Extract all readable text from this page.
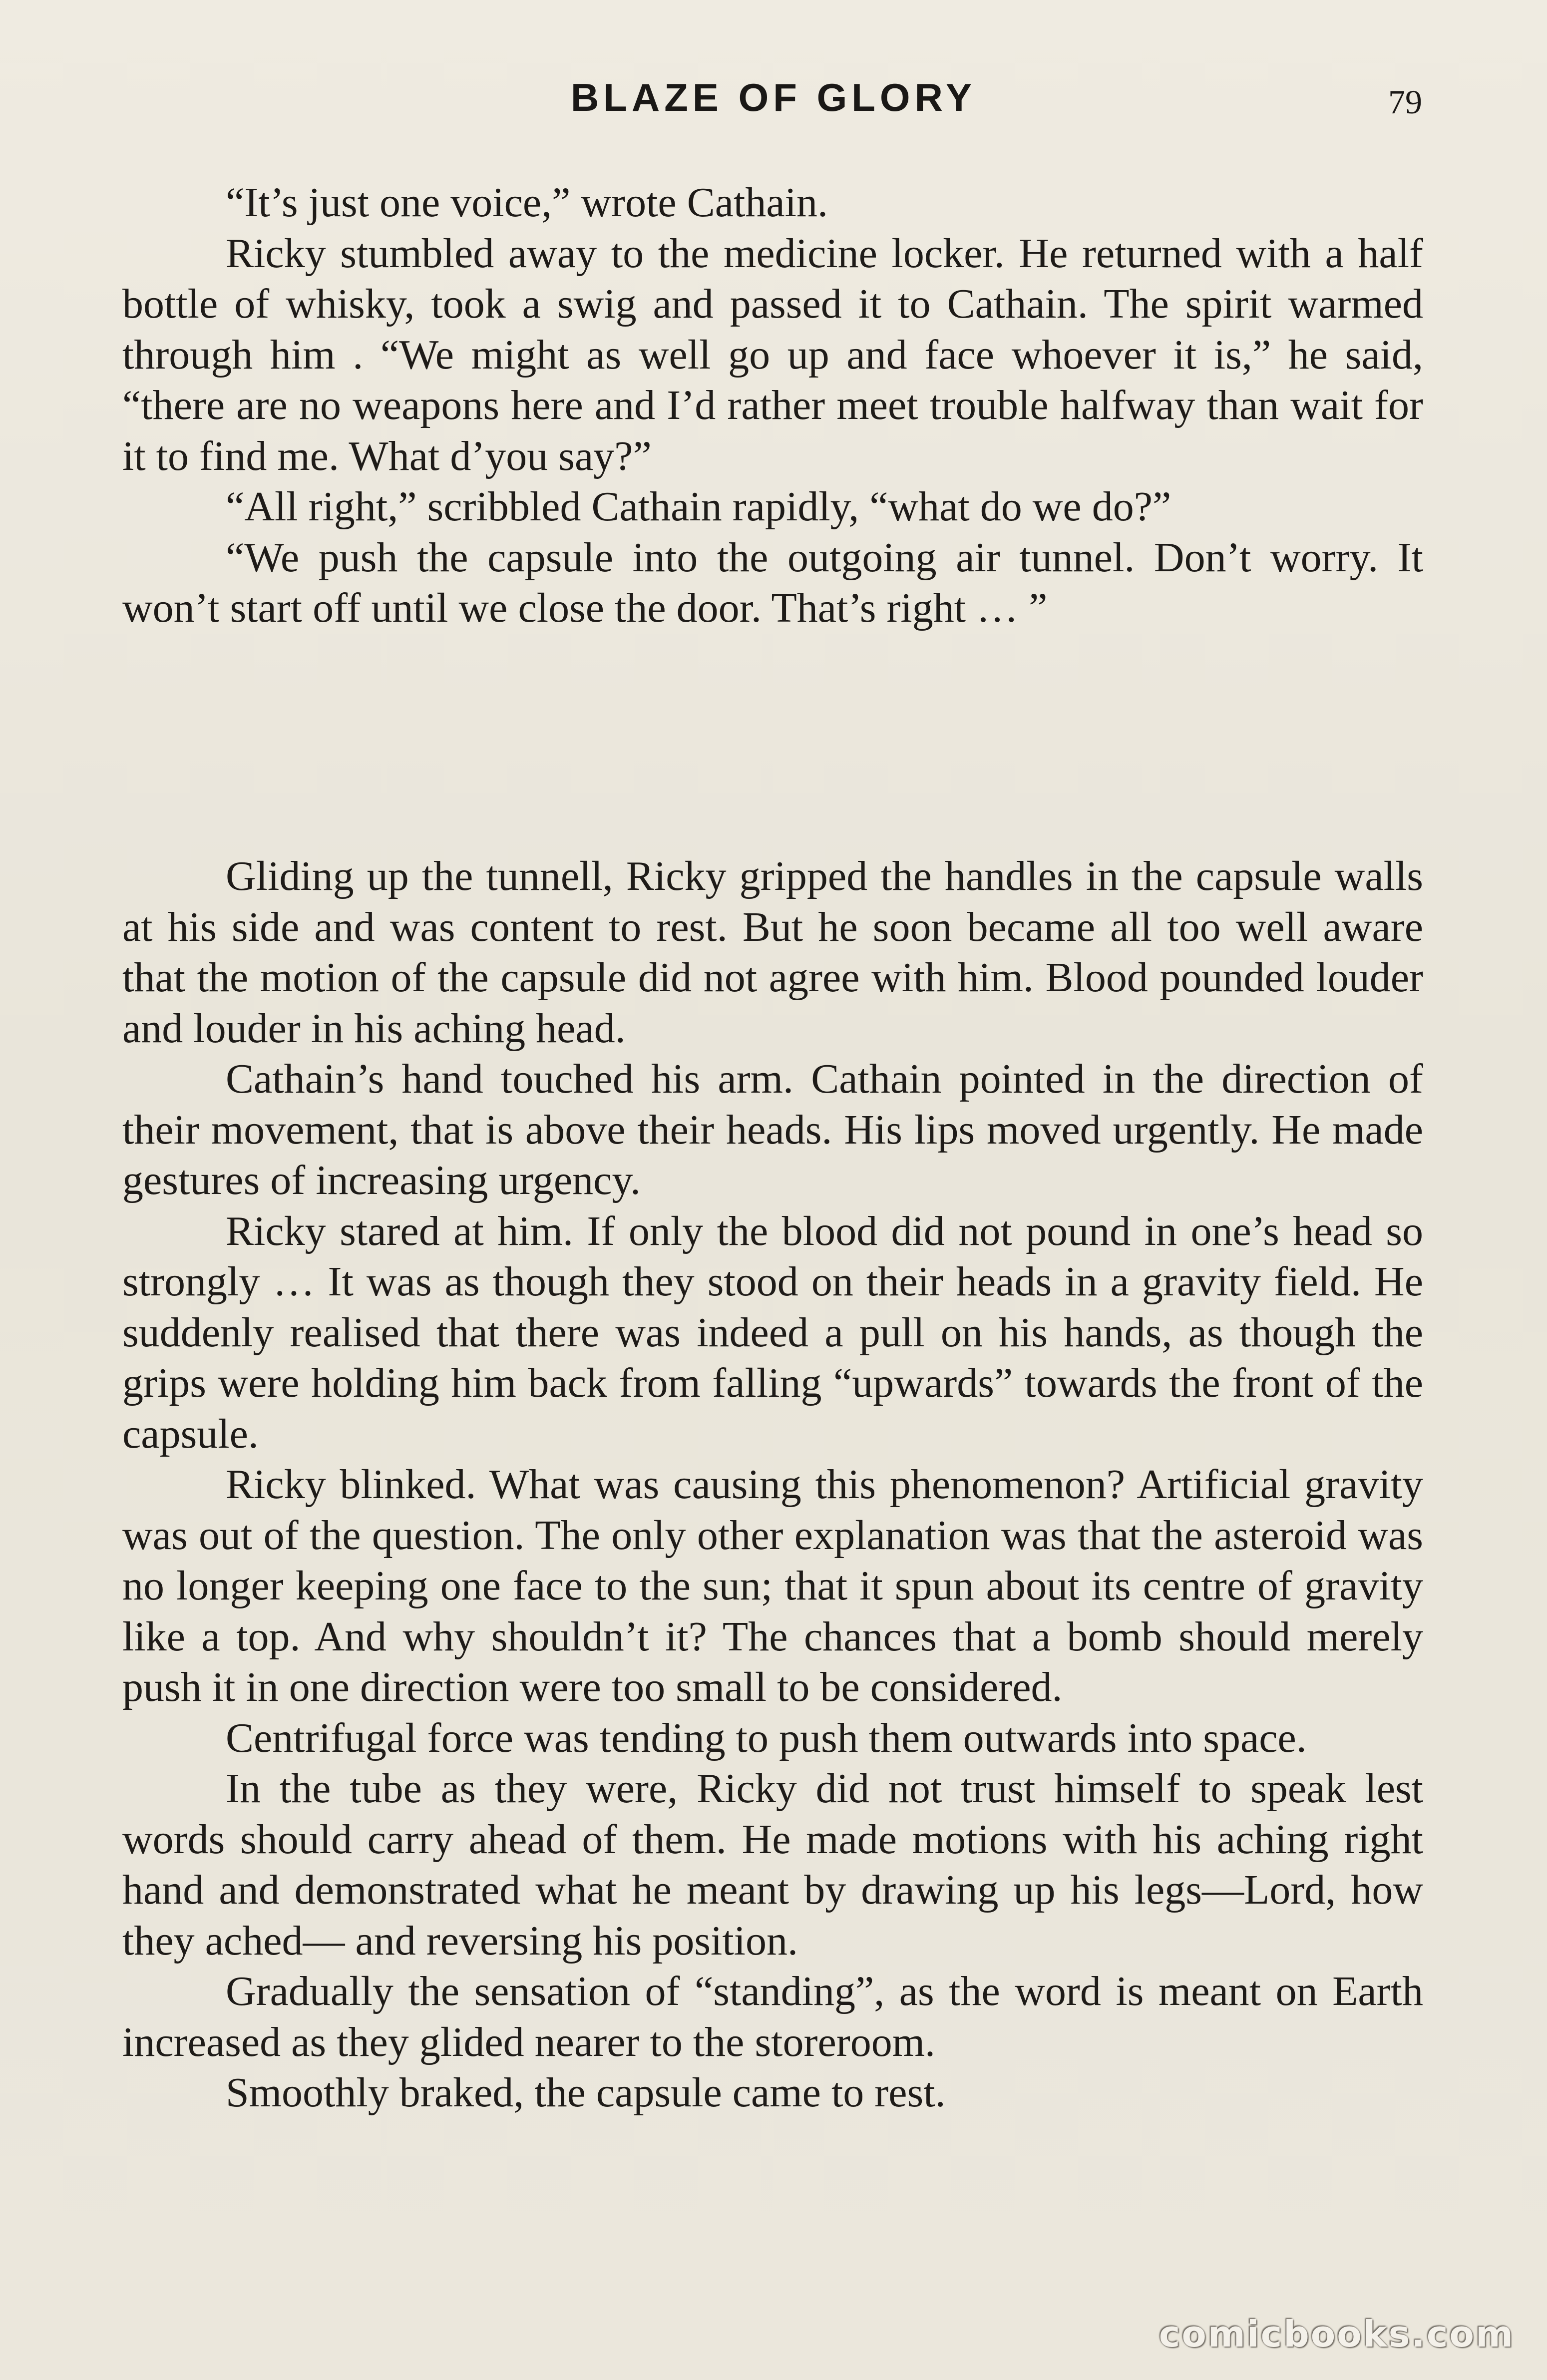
BLAZE OF GLORY	79

“It’s just one voice,” wrote Cathain.

Ricky stumbled away to the medicine locker. He returned with a half bottle of whisky, took a swig and passed it to Cathain. The spirit warmed through him . “We might as well go up and face whoever it is,” he said, “there are no weapons here and I’d rather meet trouble halfway than wait for it to find me. What d’you say?”

“All right,” scribbled Cathain rapidly, “what do we do?”

“We push the capsule into the outgoing air tunnel. Don’t worry. It won’t start off until we close the door. That’s right … ”

Gliding up the tunnell, Ricky gripped the handles in the capsule walls at his side and was content to rest. But he soon became all too well aware that the motion of the capsule did not agree with him. Blood pounded louder and louder in his aching head.

Cathain’s hand touched his arm. Cathain pointed in the direction of their movement, that is above their heads. His lips moved urgently. He made gestures of increasing urgency.

Ricky stared at him. If only the blood did not pound in one’s head so strongly … It was as though they stood on their heads in a gravity field. He suddenly realised that there was indeed a pull on his hands, as though the grips were holding him back from falling “upwards” towards the front of the capsule.

Ricky blinked. What was causing this phenomenon? Artificial gravity was out of the question. The only other explanation was that the asteroid was no longer keeping one face to the sun; that it spun about its centre of gravity like a top. And why shouldn’t it? The chances that a bomb should merely push it in one direction were too small to be considered.

Centrifugal force was tending to push them outwards into space.

In the tube as they were, Ricky did not trust himself to speak lest words should carry ahead of them. He made motions with his aching right hand and demonstrated what he meant by drawing up his legs—Lord, how they ached— and reversing his position.

Gradually the sensation of “standing”, as the word is meant on Earth increased as they glided nearer to the storeroom.

Smoothly braked, the capsule came to rest.

comicbooks.com
